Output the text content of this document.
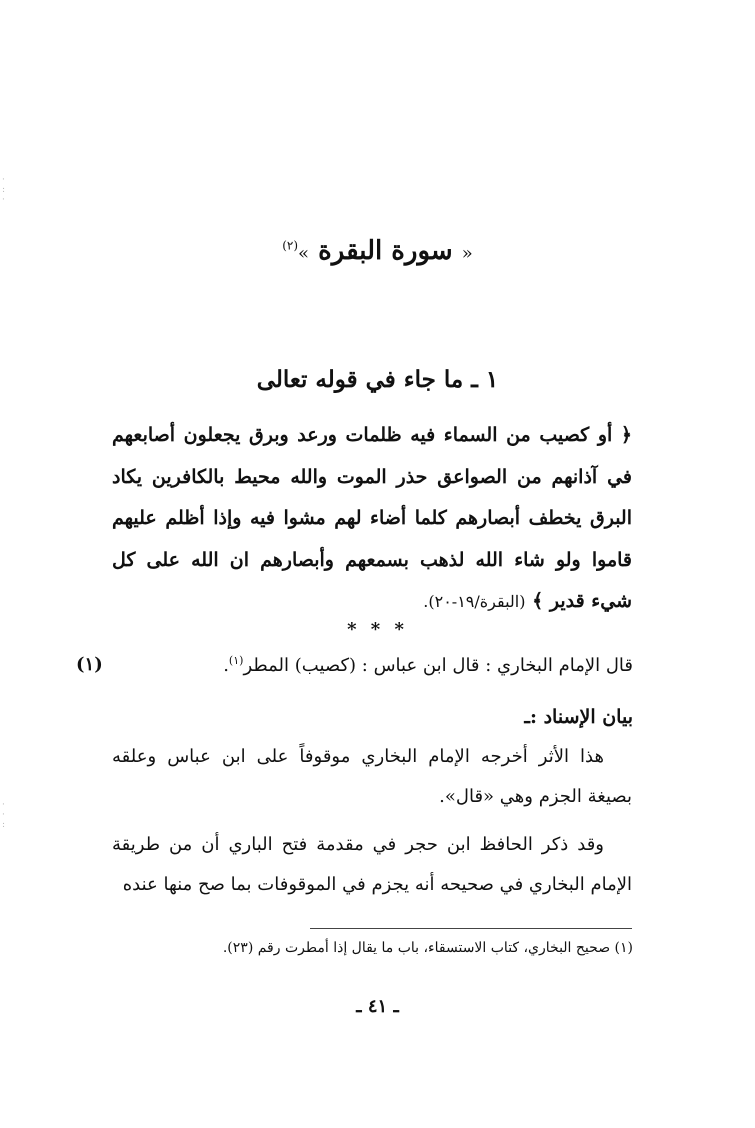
« سورة البقرة »$^{(٢)}$
١ ـ ما جاء في قوله تعالى
﴿ أو كصيب من السماء فيه ظلمات ورعد وبرق يجعلون أصابعهم في آذانهم من الصواعق حذر الموت والله محيط بالكافرين يكاد البرق يخطف أبصارهم كلما أضاء لهم مشوا فيه وإذا أظلم عليهم قاموا ولو شاء الله لذهب بسمعهم وأبصارهم ان الله على كل شيء قدير ﴾ (البقرة/١٩-٢٠).
* * *
قال الإمام البخاري : قال ابن عباس : (كصيب) المطر$^{(١)}$.
(١)
بيان الإسناد :ـ
هذا الأثر أخرجه الإمام البخاري موقوفاً على ابن عباس وعلقه بصيغة الجزم وهي «قال».
وقد ذكر الحافظ ابن حجر في مقدمة فتح الباري أن من طريقة الإمام البخاري في صحيحه أنه يجزم في الموقوفات بما صح منها عنده
(١) صحيح البخاري، كتاب الاستسقاء، باب ما يقال إذا أمطرت رقم (٢٣).
ـ ٤١ ـ
·
:
·
·
·
:
